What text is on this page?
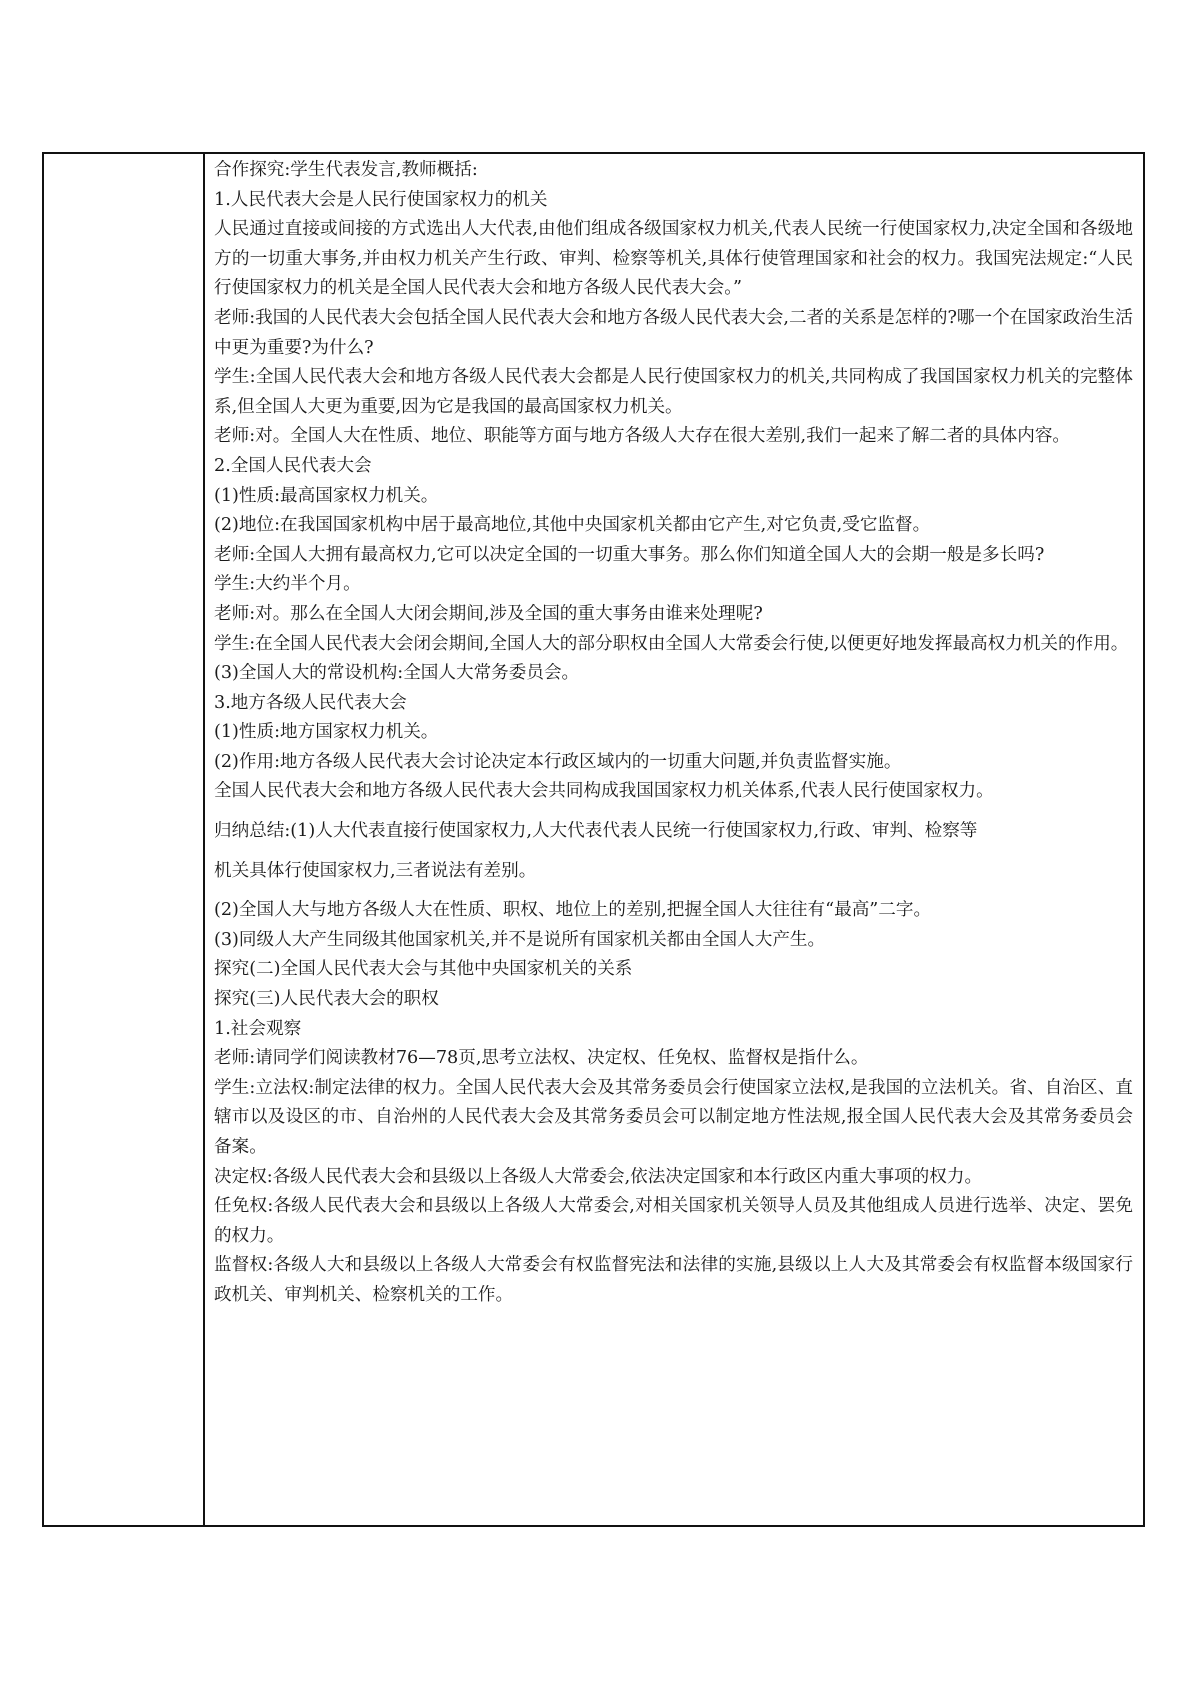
合作探究:学生代表发言,教师概括:

1.人民代表大会是人民行使国家权力的机关

人民通过直接或间接的方式选出人大代表,由他们组成各级国家权力机关,代表人民统一行使国家权力,决定全国和各级地方的一切重大事务,并由权力机关产生行政、审判、检察等机关,具体行使管理国家和社会的权力。我国宪法规定:“人民行使国家权力的机关是全国人民代表大会和地方各级人民代表大会。”

老师:我国的人民代表大会包括全国人民代表大会和地方各级人民代表大会,二者的关系是怎样的?哪一个在国家政治生活中更为重要?为什么?

学生:全国人民代表大会和地方各级人民代表大会都是人民行使国家权力的机关,共同构成了我国国家权力机关的完整体系,但全国人大更为重要,因为它是我国的最高国家权力机关。

老师:对。全国人大在性质、地位、职能等方面与地方各级人大存在很大差别,我们一起来了解二者的具体内容。

2.全国人民代表大会

(1)性质:最高国家权力机关。

(2)地位:在我国国家机构中居于最高地位,其他中央国家机关都由它产生,对它负责,受它监督。

老师:全国人大拥有最高权力,它可以决定全国的一切重大事务。那么你们知道全国人大的会期一般是多长吗?

学生:大约半个月。

老师:对。那么在全国人大闭会期间,涉及全国的重大事务由谁来处理呢?

学生:在全国人民代表大会闭会期间,全国人大的部分职权由全国人大常委会行使,以便更好地发挥最高权力机关的作用。

(3)全国人大的常设机构:全国人大常务委员会。

3.地方各级人民代表大会

(1)性质:地方国家权力机关。

(2)作用:地方各级人民代表大会讨论决定本行政区域内的一切重大问题,并负责监督实施。

全国人民代表大会和地方各级人民代表大会共同构成我国国家权力机关体系,代表人民行使国家权力。

归纳总结:(1)人大代表直接行使国家权力,人大代表代表人民统一行使国家权力,行政、审判、检察等

机关具体行使国家权力,三者说法有差别。

(2)全国人大与地方各级人大在性质、职权、地位上的差别,把握全国人大往往有“最高”二字。

(3)同级人大产生同级其他国家机关,并不是说所有国家机关都由全国人大产生。

探究(二)全国人民代表大会与其他中央国家机关的关系

探究(三)人民代表大会的职权

1.社会观察

老师:请同学们阅读教材76—78页,思考立法权、决定权、任免权、监督权是指什么。

学生:立法权:制定法律的权力。全国人民代表大会及其常务委员会行使国家立法权,是我国的立法机关。省、自治区、直辖市以及设区的市、自治州的人民代表大会及其常务委员会可以制定地方性法规,报全国人民代表大会及其常务委员会备案。

决定权:各级人民代表大会和县级以上各级人大常委会,依法决定国家和本行政区内重大事项的权力。

任免权:各级人民代表大会和县级以上各级人大常委会,对相关国家机关领导人员及其他组成人员进行选举、决定、罢免的权力。

监督权:各级人大和县级以上各级人大常委会有权监督宪法和法律的实施,县级以上人大及其常委会有权监督本级国家行政机关、审判机关、检察机关的工作。
